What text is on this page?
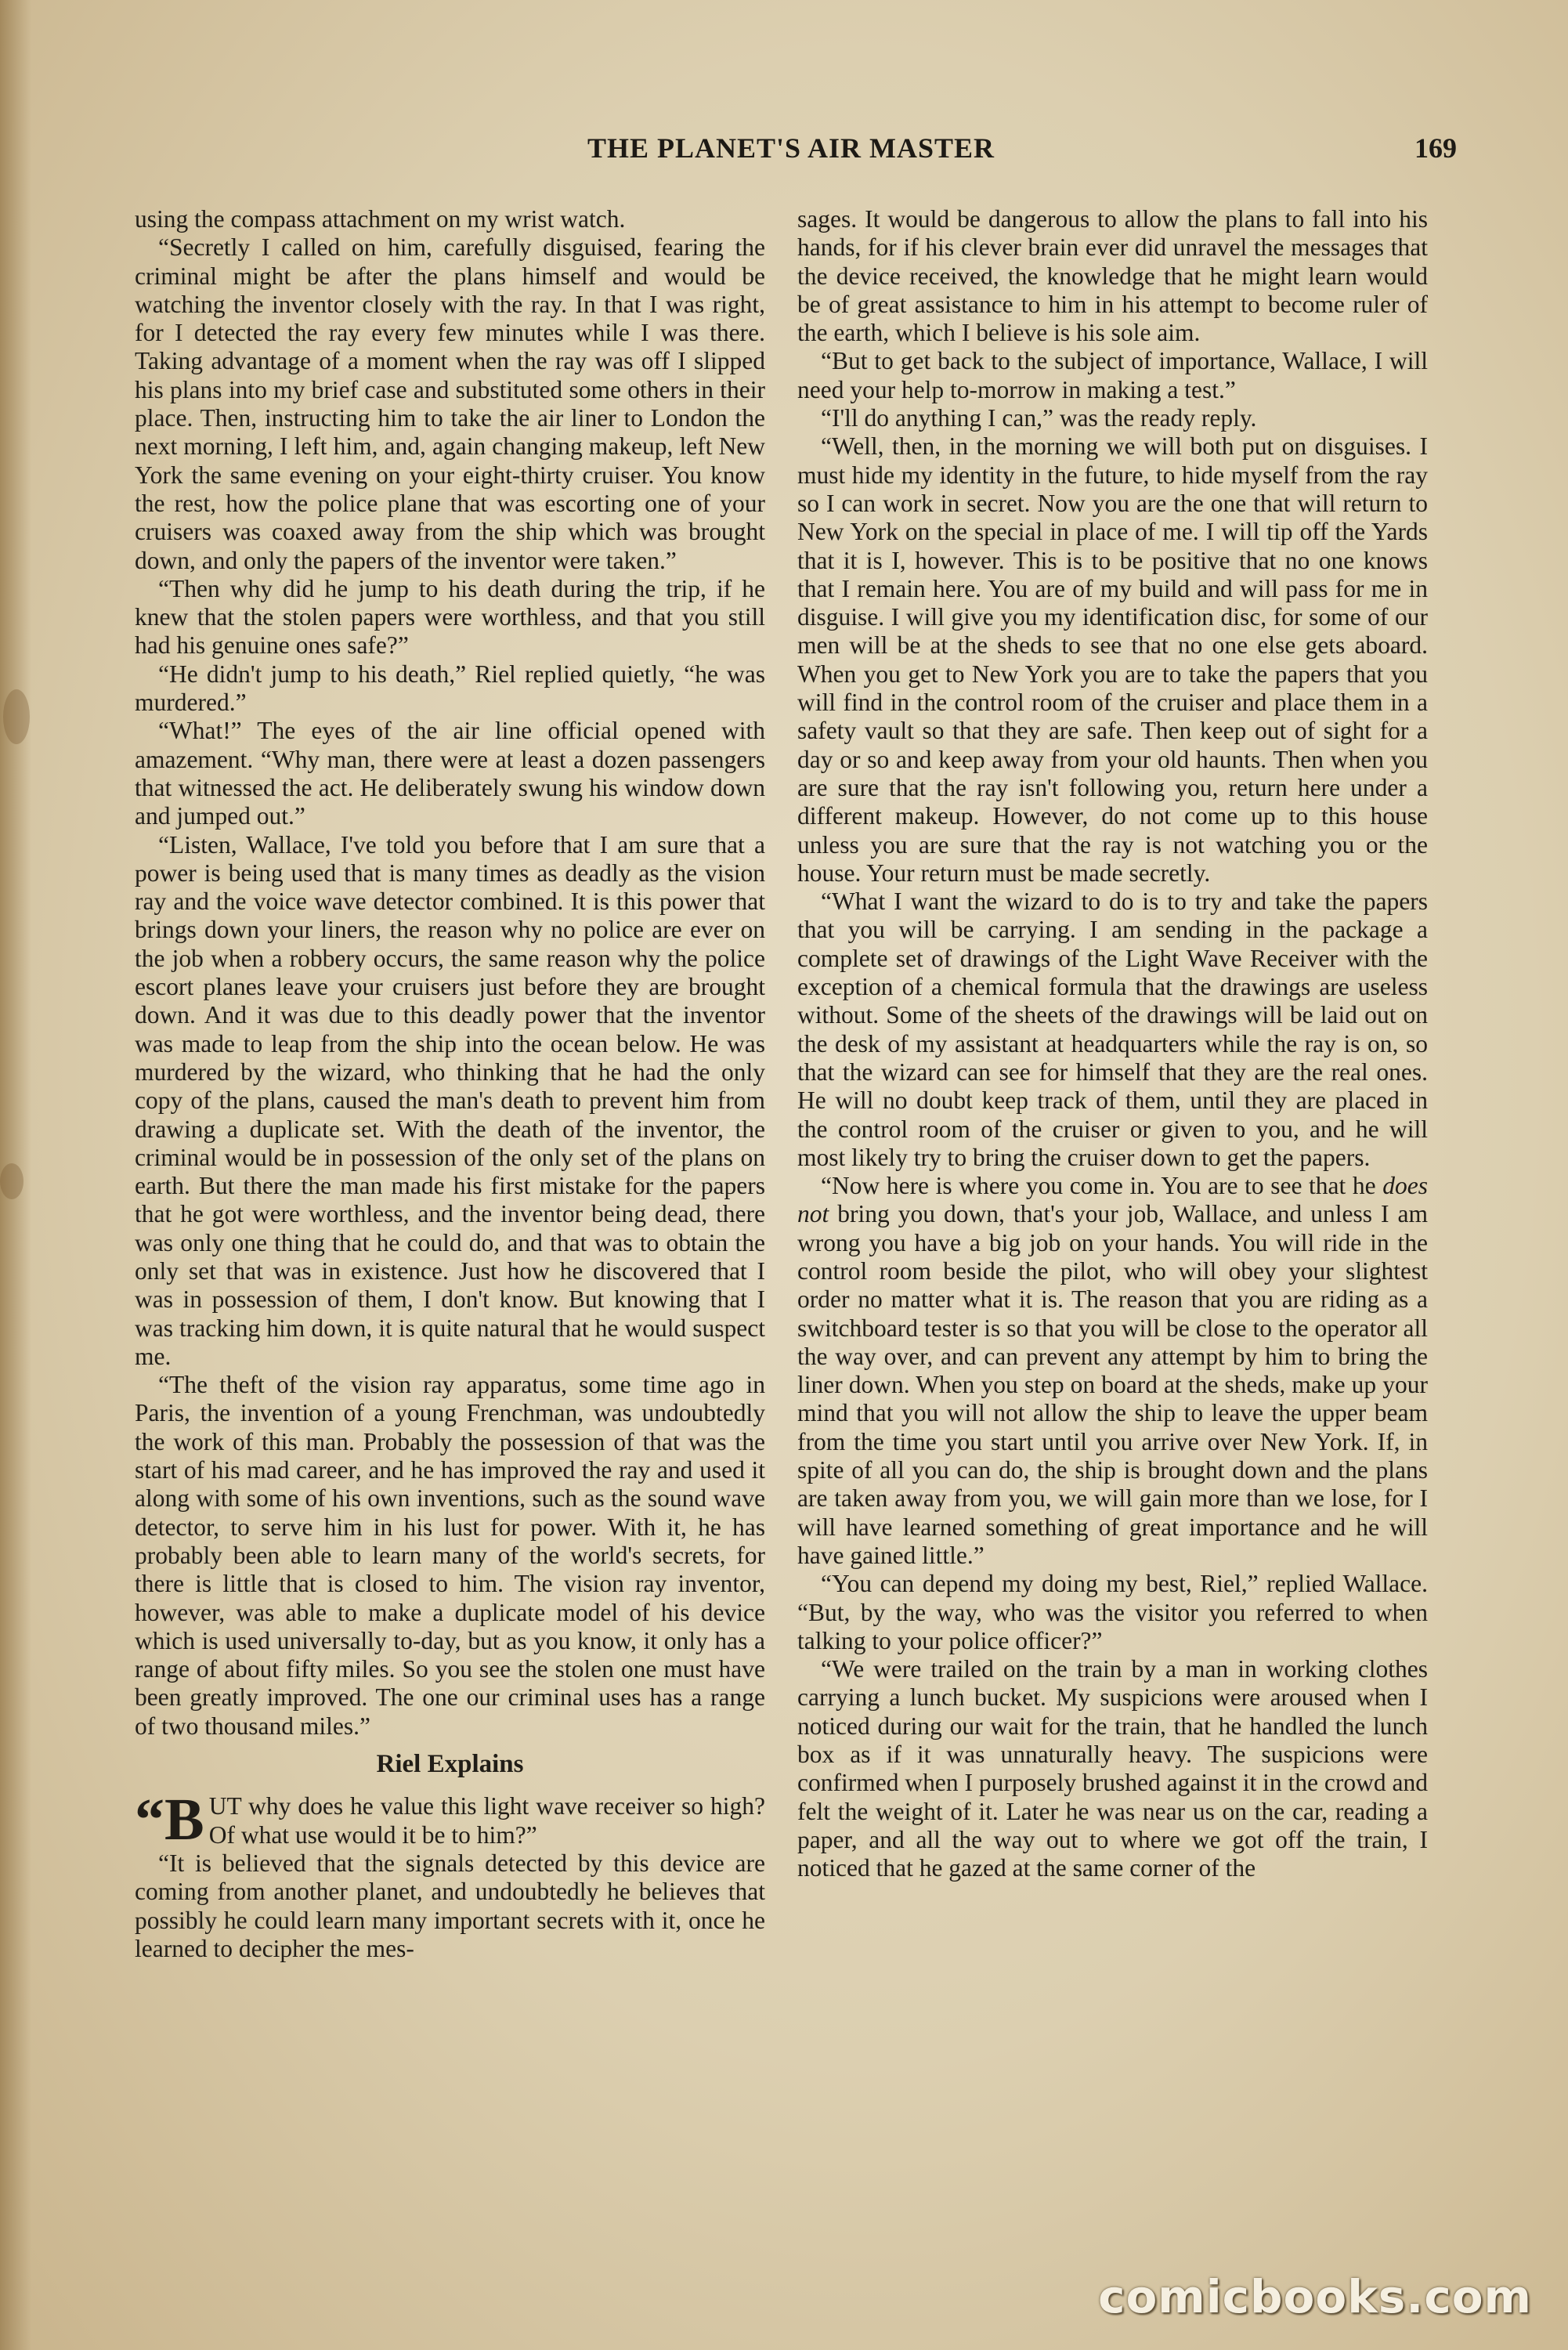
THE PLANET'S AIR MASTER	169

using the compass attachment on my wrist watch.

“Secretly I called on him, carefully disguised, fearing the criminal might be after the plans himself and would be watching the inventor closely with the ray. In that I was right, for I detected the ray every few minutes while I was there. Taking advantage of a moment when the ray was off I slipped his plans into my brief case and substituted some others in their place. Then, instructing him to take the air liner to London the next morning, I left him, and, again changing makeup, left New York the same evening on your eight-thirty cruiser. You know the rest, how the police plane that was escorting one of your cruisers was coaxed away from the ship which was brought down, and only the papers of the inventor were taken.”

“Then why did he jump to his death during the trip, if he knew that the stolen papers were worthless, and that you still had his genuine ones safe?”

“He didn't jump to his death,” Riel replied quietly, “he was murdered.”

“What!” The eyes of the air line official opened with amazement. “Why man, there were at least a dozen passengers that witnessed the act. He deliberately swung his window down and jumped out.”

“Listen, Wallace, I've told you before that I am sure that a power is being used that is many times as deadly as the vision ray and the voice wave detector combined. It is this power that brings down your liners, the reason why no police are ever on the job when a robbery occurs, the same reason why the police escort planes leave your cruisers just before they are brought down. And it was due to this deadly power that the inventor was made to leap from the ship into the ocean below. He was murdered by the wizard, who thinking that he had the only copy of the plans, caused the man's death to prevent him from drawing a duplicate set. With the death of the inventor, the criminal would be in possession of the only set of the plans on earth. But there the man made his first mistake for the papers that he got were worthless, and the inventor being dead, there was only one thing that he could do, and that was to obtain the only set that was in existence. Just how he discovered that I was in possession of them, I don't know. But knowing that I was tracking him down, it is quite natural that he would suspect me.

“The theft of the vision ray apparatus, some time ago in Paris, the invention of a young Frenchman, was undoubtedly the work of this man. Probably the possession of that was the start of his mad career, and he has improved the ray and used it along with some of his own inventions, such as the sound wave detector, to serve him in his lust for power. With it, he has probably been able to learn many of the world's secrets, for there is little that is closed to him. The vision ray inventor, however, was able to make a duplicate model of his device which is used universally to-day, but as you know, it only has a range of about fifty miles. So you see the stolen one must have been greatly improved. The one our criminal uses has a range of two thousand miles.”

Riel Explains

“B UT why does he value this light wave receiver so high? Of what use would it be to him?”

“It is believed that the signals detected by this device are coming from another planet, and undoubtedly he believes that possibly he could learn many important secrets with it, once he learned to decipher the mes-

sages. It would be dangerous to allow the plans to fall into his hands, for if his clever brain ever did unravel the messages that the device received, the knowledge that he might learn would be of great assistance to him in his attempt to become ruler of the earth, which I believe is his sole aim.

“But to get back to the subject of importance, Wallace, I will need your help to-morrow in making a test.”

“I'll do anything I can,” was the ready reply.

“Well, then, in the morning we will both put on disguises. I must hide my identity in the future, to hide myself from the ray so I can work in secret. Now you are the one that will return to New York on the special in place of me. I will tip off the Yards that it is I, however. This is to be positive that no one knows that I remain here. You are of my build and will pass for me in disguise. I will give you my identification disc, for some of our men will be at the sheds to see that no one else gets aboard. When you get to New York you are to take the papers that you will find in the control room of the cruiser and place them in a safety vault so that they are safe. Then keep out of sight for a day or so and keep away from your old haunts. Then when you are sure that the ray isn't following you, return here under a different makeup. However, do not come up to this house unless you are sure that the ray is not watching you or the house. Your return must be made secretly.

“What I want the wizard to do is to try and take the papers that you will be carrying. I am sending in the package a complete set of drawings of the Light Wave Receiver with the exception of a chemical formula that the drawings are useless without. Some of the sheets of the drawings will be laid out on the desk of my assistant at headquarters while the ray is on, so that the wizard can see for himself that they are the real ones. He will no doubt keep track of them, until they are placed in the control room of the cruiser or given to you, and he will most likely try to bring the cruiser down to get the papers.

“Now here is where you come in. You are to see that he does not bring you down, that's your job, Wallace, and unless I am wrong you have a big job on your hands. You will ride in the control room beside the pilot, who will obey your slightest order no matter what it is. The reason that you are riding as a switchboard tester is so that you will be close to the operator all the way over, and can prevent any attempt by him to bring the liner down. When you step on board at the sheds, make up your mind that you will not allow the ship to leave the upper beam from the time you start until you arrive over New York. If, in spite of all you can do, the ship is brought down and the plans are taken away from you, we will gain more than we lose, for I will have learned something of great importance and he will have gained little.”

“You can depend my doing my best, Riel,” replied Wallace. “But, by the way, who was the visitor you referred to when talking to your police officer?”

“We were trailed on the train by a man in working clothes carrying a lunch bucket. My suspicions were aroused when I noticed during our wait for the train, that he handled the lunch box as if it was unnaturally heavy. The suspicions were confirmed when I purposely brushed against it in the crowd and felt the weight of it. Later he was near us on the car, reading a paper, and all the way out to where we got off the train, I noticed that he gazed at the same corner of the

comicbooks.com
